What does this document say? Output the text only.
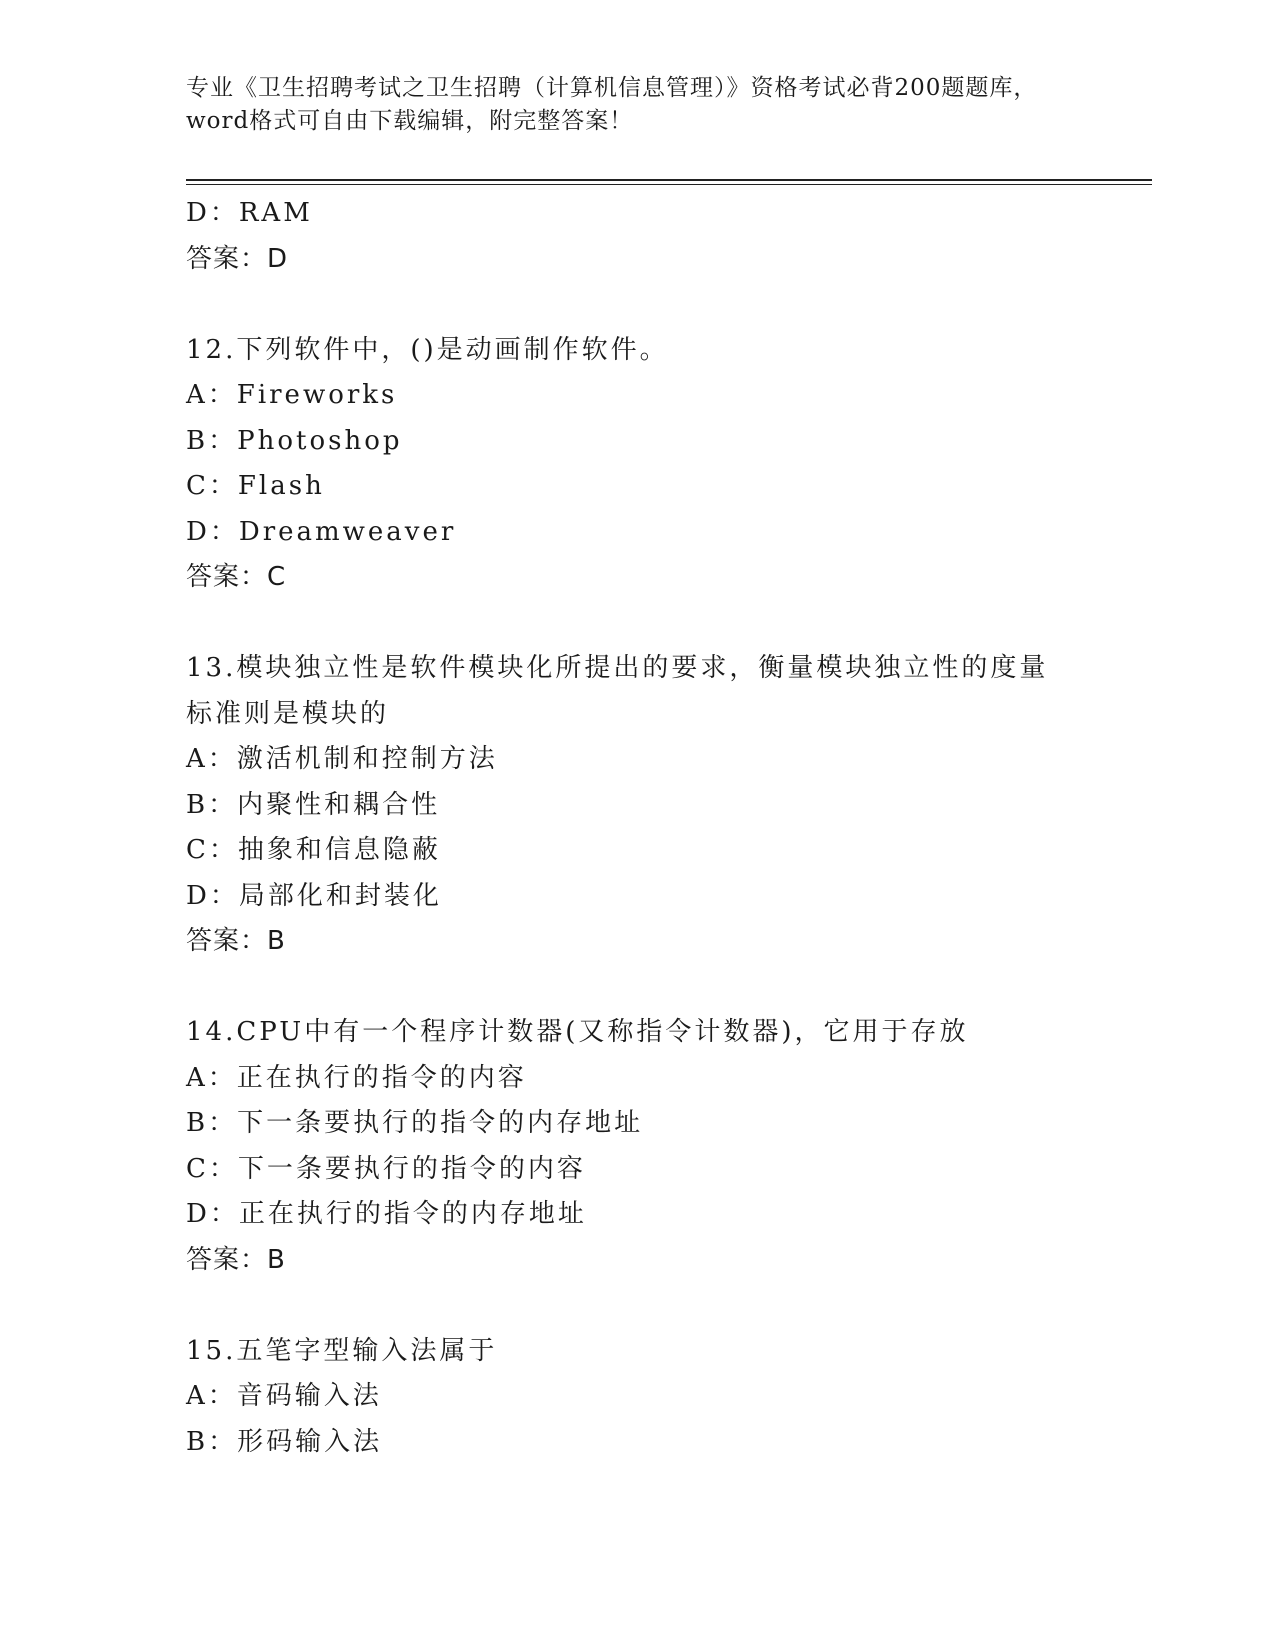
专业《卫生招聘考试之卫生招聘（计算机信息管理）》资格考试必背200题题库，
word格式可自由下载编辑，附完整答案！
D：RAM
答案：D
12.下列软件中，()是动画制作软件。
A：Fireworks
B：Photoshop
C：Flash
D：Dreamweaver
答案：C
13.模块独立性是软件模块化所提出的要求，衡量模块独立性的度量标准则是模块的
A：激活机制和控制方法
B：内聚性和耦合性
C：抽象和信息隐蔽
D：局部化和封装化
答案：B
14.CPU中有一个程序计数器(又称指令计数器)，它用于存放
A：正在执行的指令的内容
B：下一条要执行的指令的内存地址
C：下一条要执行的指令的内容
D：正在执行的指令的内存地址
答案：B
15.五笔字型输入法属于
A：音码输入法
B：形码输入法
